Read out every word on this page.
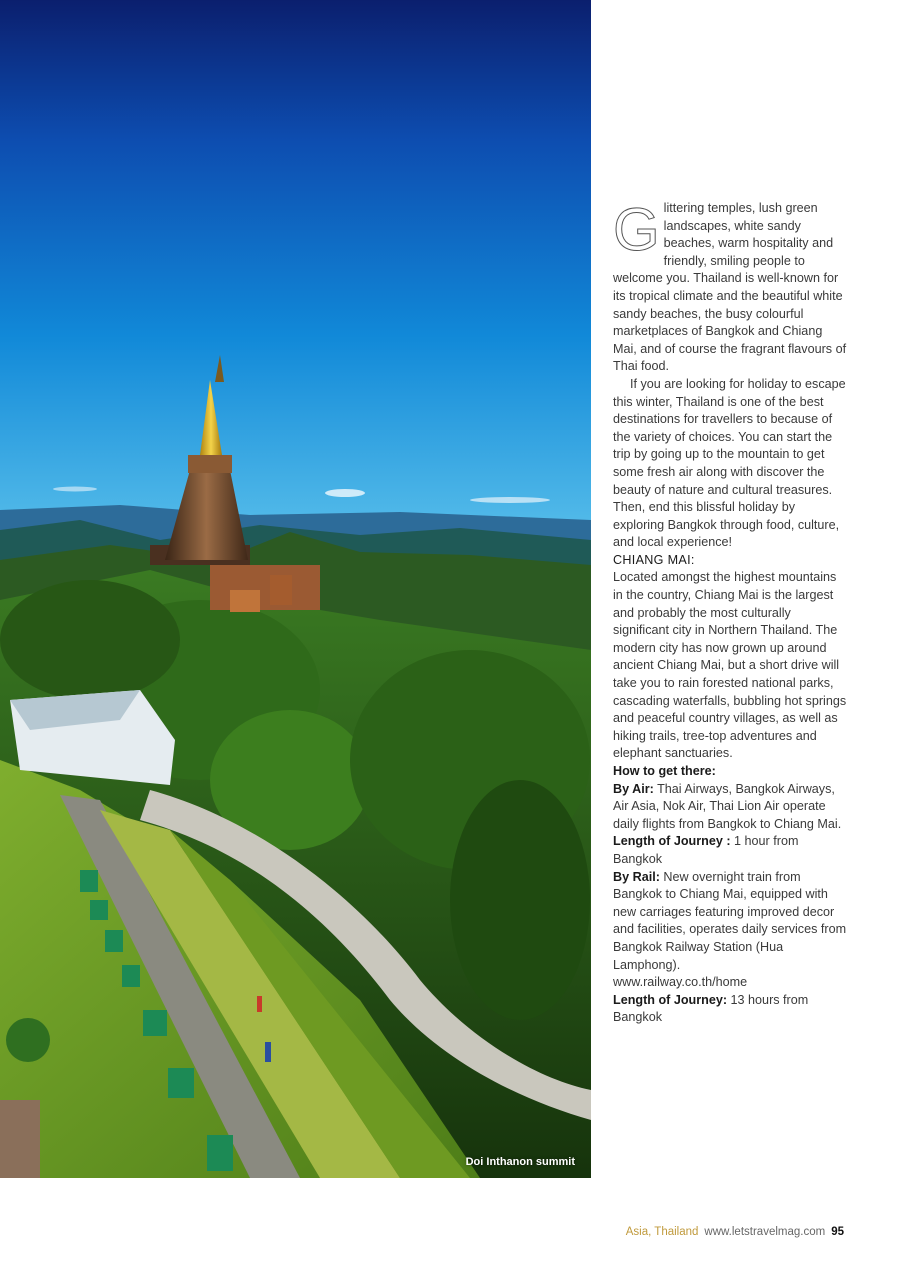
Doi Inthanon summit

Glittering temples, lush green landscapes, white sandy beaches, warm hospitality and friendly, smiling people to welcome you. Thailand is well-known for its tropical climate and the beautiful white sandy beaches, the busy colourful marketplaces of Bangkok and Chiang Mai, and of course the fragrant flavours of Thai food.

If you are looking for holiday to escape this winter, Thailand is one of the best destinations for travellers to because of the variety of choices. You can start the trip by going up to the mountain to get some fresh air along with discover the beauty of nature and cultural treasures. Then, end this blissful holiday by exploring Bangkok through food, culture, and local experience!

CHIANG MAI:

Located amongst the highest mountains in the country, Chiang Mai is the largest and probably the most culturally significant city in Northern Thailand. The modern city has now grown up around ancient Chiang Mai, but a short drive will take you to rain forested national parks, cascading waterfalls, bubbling hot springs and peaceful country villages, as well as hiking trails, tree-top adventures and elephant sanctuaries.

How to get there:

By Air: Thai Airways, Bangkok Airways, Air Asia, Nok Air, Thai Lion Air operate daily flights from Bangkok to Chiang Mai.

Length of Journey : 1 hour from Bangkok

By Rail: New overnight train from Bangkok to Chiang Mai, equipped with new carriages featuring improved decor and facilities, operates daily services from Bangkok Railway Station (Hua Lamphong).

www.railway.co.th/home

Length of Journey: 13 hours from Bangkok

Asia, Thailand www.letstravelmag.com 95
